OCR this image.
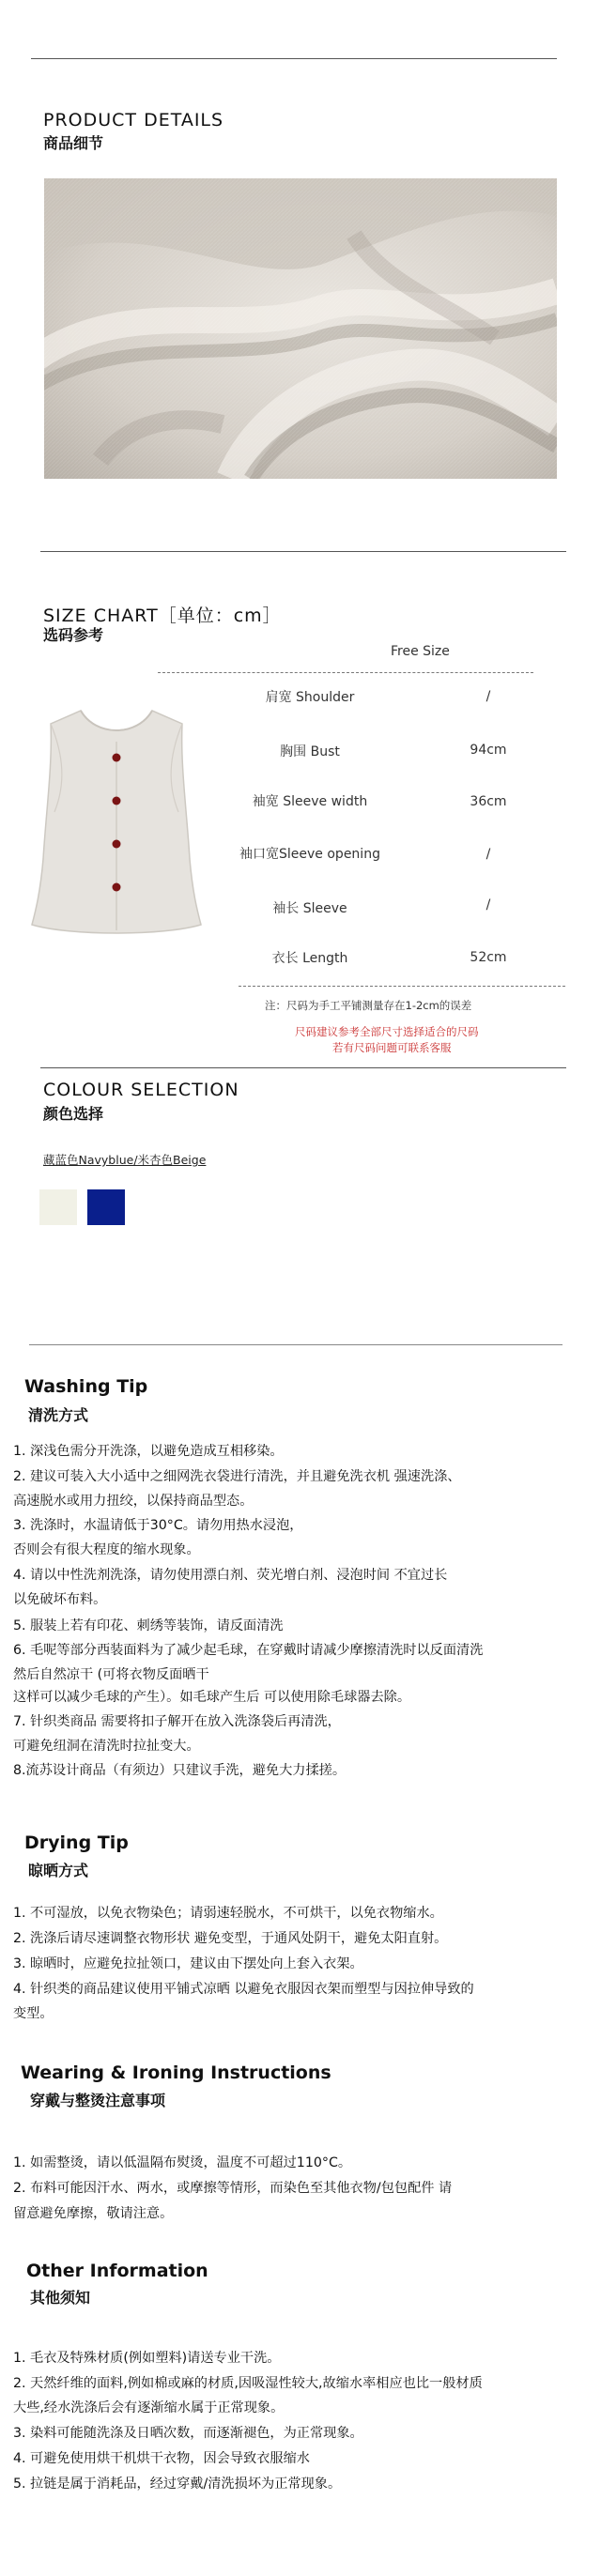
PRODUCT DETAILS
商品细节
SIZE CHART［单位：cm］
选码参考
Free Size
肩宽 Shoulder	/
胸围 Bust	94cm
袖宽 Sleeve width	36cm
袖口宽Sleeve opening	/
袖长 Sleeve	/
衣长 Length	52cm
注：尺码为手工平铺测量存在1-2cm的误差
尺码建议参考全部尺寸选择适合的尺码
若有尺码问题可联系客服
COLOUR SELECTION
颜色选择
藏蓝色Navyblue/米杏色Beige
Washing Tip
清洗方式
1. 深浅色需分开洗涤，以避免造成互相移染。
2. 建议可装入大小适中之细网洗衣袋进行清洗，并且避免洗衣机 强速洗涤、
高速脱水或用力扭绞，以保持商品型态。
3. 洗涤时，水温请低于30°C。请勿用热水浸泡，
否则会有很大程度的缩水现象。
4. 请以中性洗剂洗涤，请勿使用漂白剂、荧光增白剂、浸泡时间 不宜过长
以免破坏布料。
5. 服装上若有印花、刺绣等装饰，请反面清洗
6. 毛呢等部分西装面料为了减少起毛球，在穿戴时请减少摩擦清洗时以反面清洗
然后自然凉干 (可将衣物反面晒干
这样可以减少毛球的产生）。如毛球产生后 可以使用除毛球器去除。
7. 针织类商品 需要将扣子解开在放入洗涤袋后再清洗，
可避免纽洞在清洗时拉扯变大。
8.流苏设计商品（有须边）只建议手洗，避免大力揉搓。
Drying Tip
晾晒方式
1. 不可湿放，以免衣物染色；请弱速轻脱水，不可烘干，以免衣物缩水。
2. 洗涤后请尽速调整衣物形状 避免变型，于通风处阴干，避免太阳直射。
3. 晾晒时，应避免拉扯领口，建议由下摆处向上套入衣架。
4. 针织类的商品建议使用平铺式凉晒 以避免衣服因衣架而塑型与因拉伸导致的
变型。
Wearing & Ironing Instructions
穿戴与整烫注意事项
1. 如需整烫，请以低温隔布熨烫，温度不可超过110°C。
2. 布料可能因汗水、两水，或摩擦等情形，而染色至其他衣物/包包配件 请
留意避免摩擦，敬请注意。
Other Information
其他须知
1. 毛衣及特殊材质(例如塑料)请送专业干洗。
2. 天然纤维的面料,例如棉或麻的材质,因吸湿性较大,故缩水率相应也比一般材质
大些,经水洗涤后会有逐渐缩水属于正常现象。
3. 染料可能随洗涤及日晒次数，而逐渐褪色，为正常现象。
4. 可避免使用烘干机烘干衣物，因会导致衣服缩水
5. 拉链是属于消耗品，经过穿戴/清洗损坏为正常现象。
